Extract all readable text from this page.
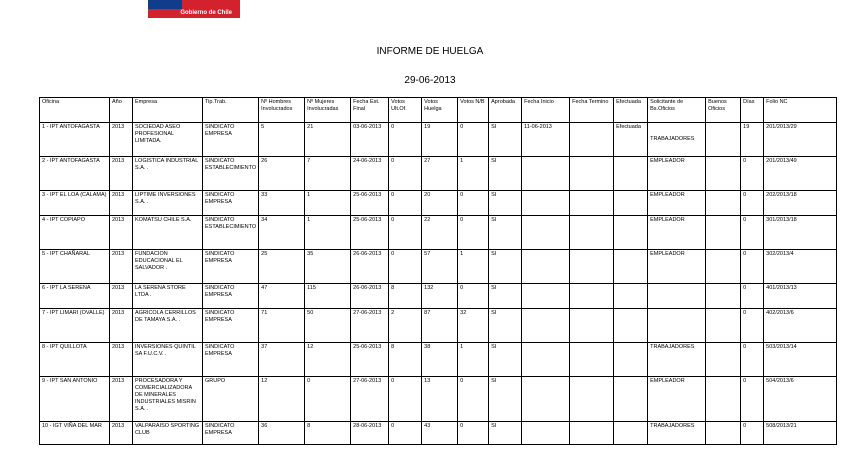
Gobierno de Chile
INFORME DE HUELGA
29-06-2013
Oficina	Año	Empresa	Tip.Trab.	Nº Hombres Involucrados	Nº Mujeres Involucradas	Fecha Est. Final	Votos Ult.Of.	Votos Huelga	Votos N/B	Aprobada	Fecha Inicio	Fecha Termino	Efectuada	Solicitante de Bs.Oficios	Buenos Oficios	Días	Folio NC
1 - IPT ANTOFAGASTA	2013	SOCIEDAD ASEO PROFESIONAL LIMITADA.	SINDICATO EMPRESA	5	21	03-06-2013	0	19	0	SI	11-06-2013		Efectuada	TRABAJADORES		19	201/2013/29
2 - IPT ANTOFAGASTA	2013	LOGISTICA INDUSTRIAL S.A. .	SINDICATO ESTABLECIMIENTO	26	7	24-06-2013	0	27	1	SI				EMPLEADOR		0	201/2013/49
3 - IPT EL LOA (CALAMA)	2013	LIPTIME INVERSIONES S.A. .	SINDICATO EMPRESA	33	1	25-06-2013	0	20	0	SI				EMPLEADOR		0	202/2013/18
4 - IPT COPIAPO	2013	KOMATSU CHILE S.A.	SINDICATO ESTABLECIMIENTO	34	1	25-06-2013	0	22	0	SI				EMPLEADOR		0	301/2013/18
5 - IPT CHAÑARAL	2013	FUNDACION EDUCACIONAL EL SALVADOR .	SINDICATO EMPRESA	25	35	26-06-2013	0	57	1	SI				EMPLEADOR		0	302/2013/4
6 - IPT LA SERENA	2013	LA SERENA STORE LTDA .	SINDICATO EMPRESA	47	115	26-06-2013	8	132	0	SI						0	401/2013/13
7 - IPT LIMARI (OVALLE)	2013	AGRICOLA CERRILLOS DE TAMAYA S.A. .	SINDICATO EMPRESA	71	50	27-06-2013	2	87	32	SI						0	402/2013/6
8 - IPT QUILLOTA	2013	INVERSIONES QUINTIL SA F.U.C.V. .	SINDICATO EMPRESA	37	12	25-06-2013	8	38	1	SI				TRABAJADORES		0	503/2013/14
9 - IPT SAN ANTONIO	2013	PROCESADORA Y COMERCIALIZADORA DE MINERALES INDUSTRIALES MISRIN S.A. .	GRUPO	12	0	27-06-2013	0	13	0	SI				EMPLEADOR		0	504/2013/6
10 - IGT VIÑA DEL MAR	2013	VALPARAISO SPORTING CLUB	SINDICATO EMPRESA	36	8	28-06-2013	0	43	0	SI				TRABAJADORES		0	508/2013/21
